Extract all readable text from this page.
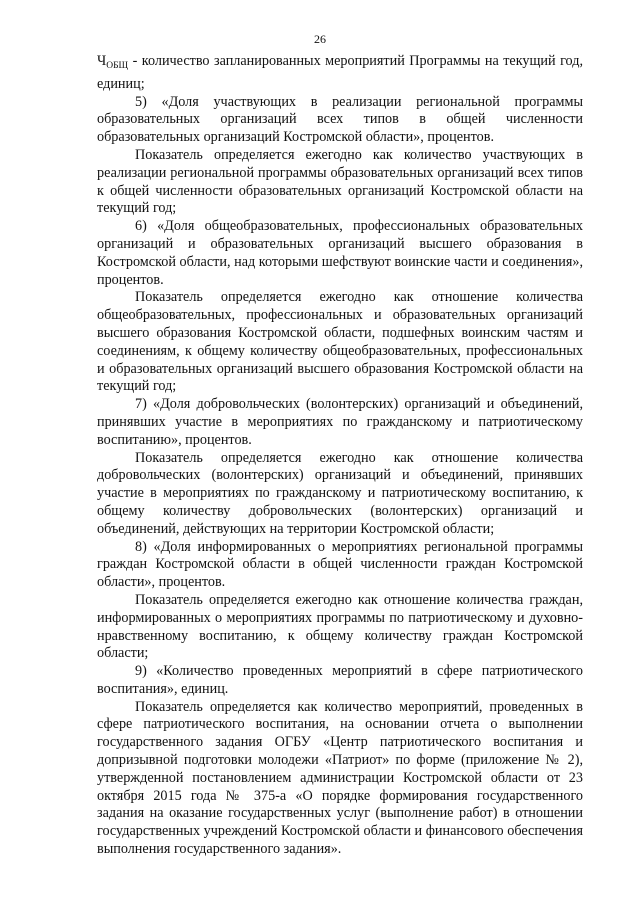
26

$Ч_{ОБЩ}$ - количество запланированных мероприятий Программы на текущий год, единиц;

5) «Доля участвующих в реализации региональной программы образовательных организаций всех типов в общей численности образовательных организаций Костромской области», процентов.

Показатель определяется ежегодно как количество участвующих в реализации региональной программы образовательных организаций всех типов к общей численности образовательных организаций Костромской области на текущий год;

6) «Доля общеобразовательных, профессиональных образовательных организаций и образовательных организаций высшего образования в Костромской области, над которыми шефствуют воинские части и соединения», процентов.

Показатель определяется ежегодно как отношение количества общеобразовательных, профессиональных и образовательных организаций высшего образования Костромской области, подшефных воинским частям и соединениям, к общему количеству общеобразовательных, профессиональных и образовательных организаций высшего образования Костромской области на текущий год;

7) «Доля добровольческих (волонтерских) организаций и объединений, принявших участие в мероприятиях по гражданскому и патриотическому воспитанию», процентов.

Показатель определяется ежегодно как отношение количества добровольческих (волонтерских) организаций и объединений, принявших участие в мероприятиях по гражданскому и патриотическому воспитанию, к общему количеству добровольческих (волонтерских) организаций и объединений, действующих на территории Костромской области;

8) «Доля информированных о мероприятиях региональной программы граждан Костромской области в общей численности граждан Костромской области», процентов.

Показатель определяется ежегодно как отношение количества граждан, информированных о мероприятиях программы по патриотическому и духовно-нравственному воспитанию, к общему количеству граждан Костромской области;

9) «Количество проведенных мероприятий в сфере патриотического воспитания», единиц.

Показатель определяется как количество мероприятий, проведенных в сфере патриотического воспитания, на основании отчета о выполнении государственного задания ОГБУ «Центр патриотического воспитания и допризывной подготовки молодежи «Патриот» по форме (приложение № 2), утвержденной постановлением администрации Костромской области от 23 октября 2015 года № 375-а «О порядке формирования государственного задания на оказание государственных услуг (выполнение работ) в отношении государственных учреждений Костромской области и финансового обеспечения выполнения государственного задания».
